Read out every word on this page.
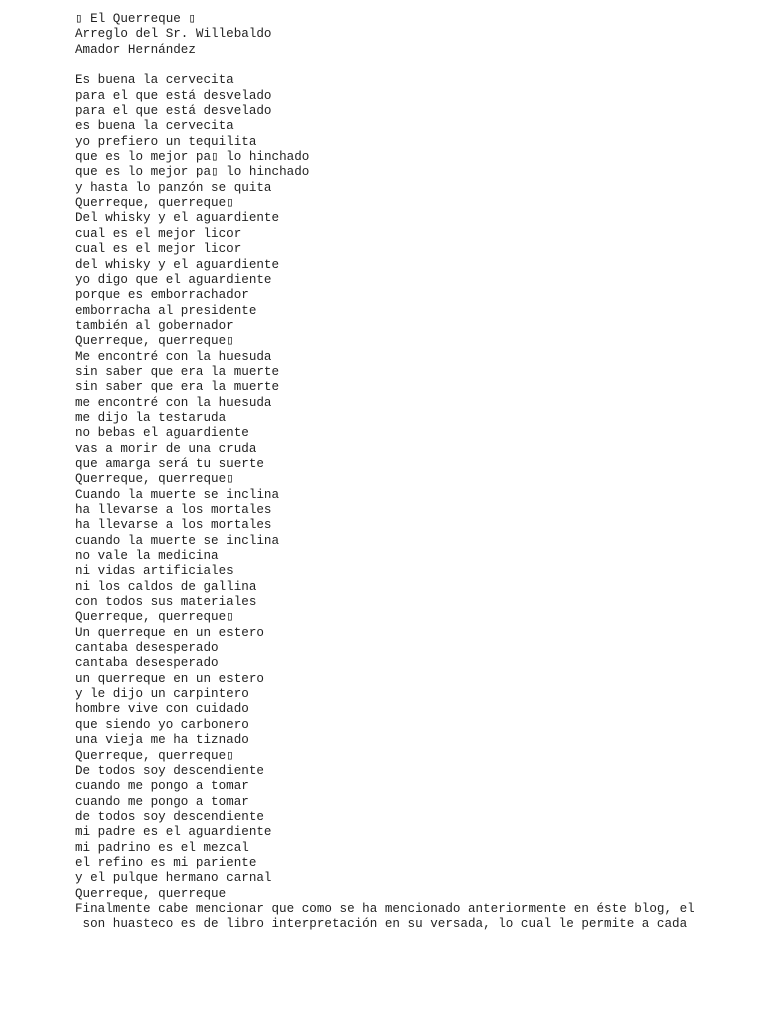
▯ El Querreque ▯
Arreglo del Sr. Willebaldo
Amador Hernández
Es buena la cervecita
para el que está desvelado
para el que está desvelado
es buena la cervecita
yo prefiero un tequilita
que es lo mejor pa▯ lo hinchado
que es lo mejor pa▯ lo hinchado
y hasta lo panzón se quita
Querreque, querreque▯
Del whisky y el aguardiente
cual es el mejor licor
cual es el mejor licor
del whisky y el aguardiente
yo digo que el aguardiente
porque es emborrachador
emborracha al presidente
también al gobernador
Querreque, querreque▯
Me encontré con la huesuda
sin saber que era la muerte
sin saber que era la muerte
me encontré con la huesuda
me dijo la testaruda
no bebas el aguardiente
vas a morir de una cruda
que amarga será tu suerte
Querreque, querreque▯
Cuando la muerte se inclina
ha llevarse a los mortales
ha llevarse a los mortales
cuando la muerte se inclina
no vale la medicina
ni vidas artificiales
ni los caldos de gallina
con todos sus materiales
Querreque, querreque▯
Un querreque en un estero
cantaba desesperado
cantaba desesperado
un querreque en un estero
y le dijo un carpintero
hombre vive con cuidado
que siendo yo carbonero
una vieja me ha tiznado
Querreque, querreque▯
De todos soy descendiente
cuando me pongo a tomar
cuando me pongo a tomar
de todos soy descendiente
mi padre es el aguardiente
mi padrino es el mezcal
el refino es mi pariente
y el pulque hermano carnal
Querreque, querreque
Finalmente cabe mencionar que como se ha mencionado anteriormente en éste blog, el
son huasteco es de libro interpretación en su versada, lo cual le permite a cada
